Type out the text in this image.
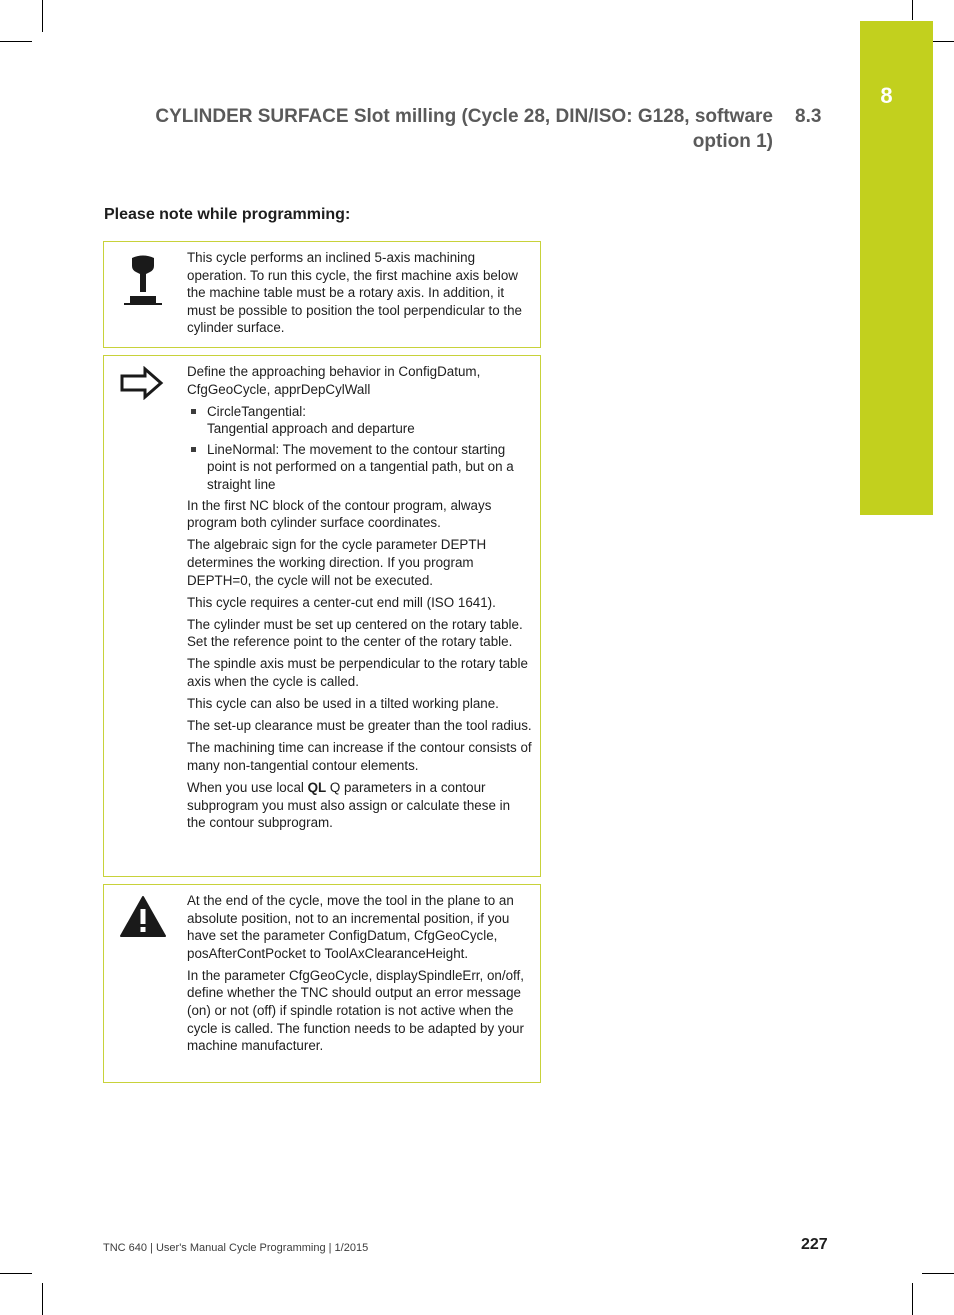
8
CYLINDER SURFACE Slot milling (Cycle 28, DIN/ISO: G128, software
option 1)
8.3
Please note while programming:

This cycle performs an inclined 5-axis machining operation. To run this cycle, the first machine axis below the machine table must be a rotary axis. In addition, it must be possible to position the tool perpendicular to the cylinder surface.

Define the approaching behavior in ConfigDatum, CfgGeoCycle, apprDepCylWall

CircleTangential:
Tangential approach and departure
LineNormal: The movement to the contour starting point is not performed on a tangential path, but on a straight line

In the first NC block of the contour program, always program both cylinder surface coordinates.

The algebraic sign for the cycle parameter DEPTH determines the working direction. If you program DEPTH=0, the cycle will not be executed.

This cycle requires a center-cut end mill (ISO 1641).

The cylinder must be set up centered on the rotary table. Set the reference point to the center of the rotary table.

The spindle axis must be perpendicular to the rotary table axis when the cycle is called.

This cycle can also be used in a tilted working plane.

The set-up clearance must be greater than the tool radius.

The machining time can increase if the contour consists of many non-tangential contour elements.

When you use local QL Q parameters in a contour subprogram you must also assign or calculate these in the contour subprogram.

At the end of the cycle, move the tool in the plane to an absolute position, not to an incremental position, if you have set the parameter ConfigDatum, CfgGeoCycle, posAfterContPocket to ToolAxClearanceHeight.

In the parameter CfgGeoCycle, displaySpindleErr, on/off, define whether the TNC should output an error message (on) or not (off) if spindle rotation is not active when the cycle is called. The function needs to be adapted by your machine manufacturer.

TNC 640 | User's Manual Cycle Programming | 1/2015	227
